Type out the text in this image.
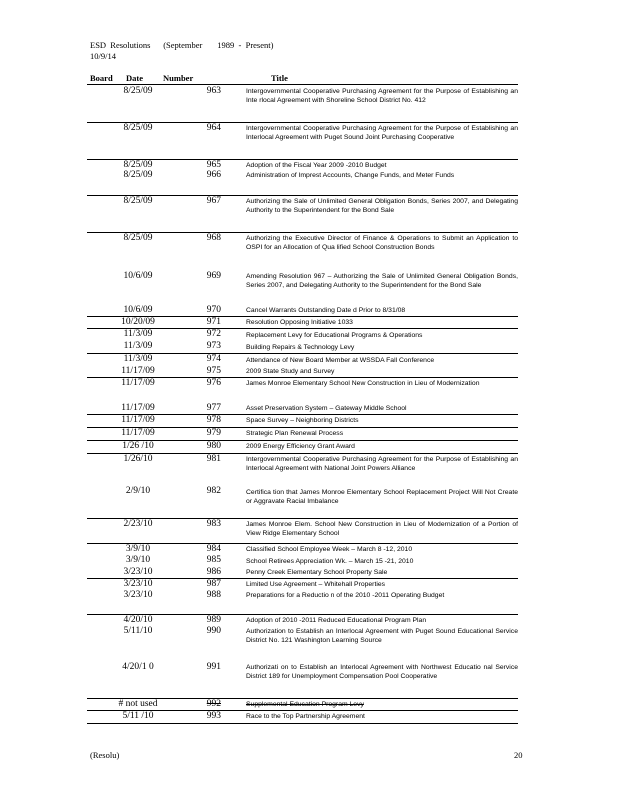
ESD  Resolutions      (September       1989  -  Present)
10/9/14
Board Date Number	Title
8/25/09	963	Intergovernmental Cooperative Purchasing Agreement for the Purpose of Establishing an Inte rlocal Agreement with Shoreline School District No. 412
8/25/09	964	Intergovernmental Cooperative Purchasing Agreement for the Purpose of Establishing an Interlocal Agreement with Puget Sound Joint Purchasing Cooperative
8/25/09	965	Adoption of the Fiscal Year 2009 -2010 Budget
8/25/09	966	Administration of Imprest Accounts, Change Funds, and Meter Funds
8/25/09	967	Authorizing the Sale of Unlimited General Obligation Bonds, Series 2007, and Delegating Authority to the Superintendent for the Bond Sale
8/25/09	968	Authorizing the Executive Director of Finance & Operations to Submit an Application to OSPI for an Allocation of Qua lified School Construction Bonds
10/6/09	969	Amending Resolution 967 – Authorizing the Sale of Unlimited General Obligation Bonds, Series 2007, and Delegating Authority to the Superintendent for the Bond Sale
10/6/09	970	Cancel Warrants Outstanding Date d Prior to 8/31/08
10/20/09	971	Resolution Opposing Initiative 1033
11/3/09	972	Replacement Levy for Educational Programs & Operations
11/3/09	973	Building Repairs & Technology Levy
11/3/09	974	Attendance of New Board Member at WSSDA Fall Conference
11/17/09	975	2009 State Study and Survey
11/17/09	976	James Monroe Elementary School New Construction in Lieu of Modernization
11/17/09	977	Asset Preservation System – Gateway Middle School
11/17/09	978	Space Survey – Neighboring Districts
11/17/09	979	Strategic Plan Renewal Process
1/26 /10	980	2009 Energy Efficiency Grant Award
1/26/10	981	Intergovernmental Cooperative Purchasing Agreement for the Purpose of Establishing an Interlocal Agreement with National Joint Powers Alliance
2/9/10	982	Certifica tion that James Monroe Elementary School Replacement Project Will Not Create or Aggravate Racial Imbalance
2/23/10	983	James Monroe Elem. School New Construction in Lieu of Modernization of a Portion of View Ridge Elementary School
3/9/10	984	Classified School Employee Week – March 8 -12, 2010
3/9/10	985	School Retirees Appreciation Wk. – March 15 -21, 2010
3/23/10	986	Penny Creek Elementary School Property Sale
3/23/10	987	Limited Use Agreement – Whitehall Properties
3/23/10	988	Preparations for a Reductio n of the 2010 -2011 Operating Budget
4/20/10	989	Adoption of 2010 -2011 Reduced Educational Program Plan
5/11/10	990	Authorization to Establish an Interlocal Agreement with Puget Sound Educational Service District No. 121 Washington Learning Source
4/20/1 0	991	Authorizati on to Establish an Interlocal Agreement with Northwest Educatio nal Service District 189 for Unemployment Compensation Pool Cooperative
# not used	992	Supplemental Education Program Levy
5/11 /10	993	Race to the Top Partnership Agreement
(Resolu)	20
